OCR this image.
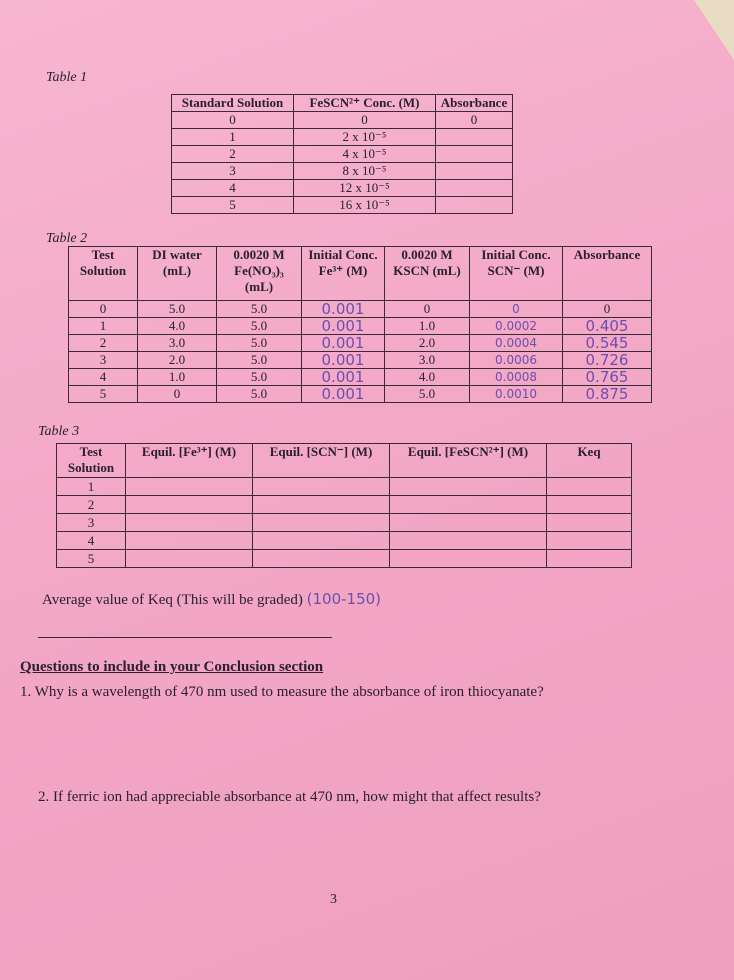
Table 1
Standard Solution	FeSCN²⁺ Conc. (M)	Absorbance
0	0	0
1	2 x 10⁻⁵	
2	4 x 10⁻⁵	
3	8 x 10⁻⁵	
4	12 x 10⁻⁵	
5	16 x 10⁻⁵	
Table 2
Test Solution	DI water (mL)	0.0020 M Fe(NO₃)₃ (mL)	Initial Conc. Fe³⁺ (M)	0.0020 M KSCN (mL)	Initial Conc. SCN⁻ (M)	Absorbance
0	5.0	5.0	0.001	0	0	0
1	4.0	5.0	0.001	1.0	0.0002	0.405
2	3.0	5.0	0.001	2.0	0.0004	0.545
3	2.0	5.0	0.001	3.0	0.0006	0.726
4	1.0	5.0	0.001	4.0	0.0008	0.765
5	0	5.0	0.001	5.0	0.0010	0.875
Table 3
Test Solution	Equil. [Fe³⁺] (M)	Equil. [SCN⁻] (M)	Equil. [FeSCN²⁺] (M)	Keq
1				
2				
3				
4				
5				
Average value of Keq (This will be graded) (100-150)
Questions to include in your Conclusion section
1. Why is a wavelength of 470 nm used to measure the absorbance of iron thiocyanate?
2. If ferric ion had appreciable absorbance at 470 nm, how might that affect results?
3
